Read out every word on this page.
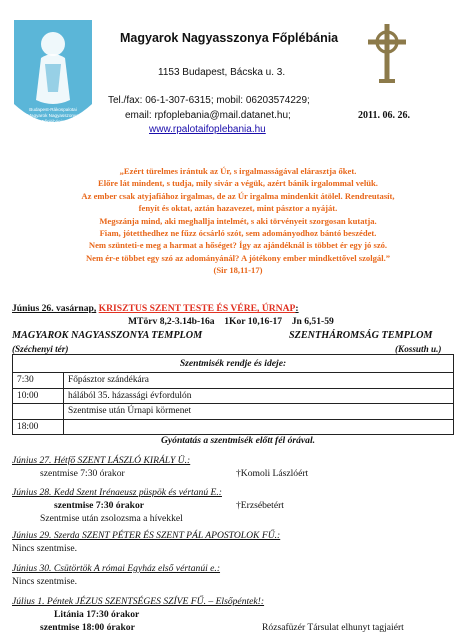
Budapest-Rákospalotai
Magyarok Nagyasszonya
Főplébánia
Magyarok Nagyasszonya Főplébánia
1153 Budapest, Bácska u. 3.
Tel./fax: 06-1-307-6315; mobil: 06203574229;
email: rpfoplebania@mail.datanet.hu;
www.rpalotaifoplebania.hu
2011. 06. 26.
„Ezért türelmes irántuk az Úr, s irgalmasságával elárasztja őket.
Előre lát mindent, s tudja, mily sivár a végük, azért bánik irgalommal velük.
Az ember csak atyjafiához irgalmas, de az Úr irgalma mindenkit átölel. Rendreutasít,
fenyít és oktat, aztán hazavezet, mint pásztor a nyáját.
Megszánja mind, aki meghallja intelmét, s aki törvényeit szorgosan kutatja.
Fiam, jótetthedhez ne fűzz ócsárló szót, sem adományodhoz bántó beszédet.
Nem szünteti-e meg a harmat a hőséget? Így az ajándéknál is többet ér egy jó szó.
Nem ér-e többet egy szó az adományánál? A jótékony ember mindkettővel szolgál.”
(Sir 18,11-17)
Június 26. vasárnap, KRISZTUS SZENT TESTE ÉS VÉRE, ÚRNAP:
MTörv 8,2-3.14b-16a    1Kor 10,16-17    Jn 6,51-59
MAGYAROK NAGYASSZONYA TEMPLOM	SZENTHÁROMSÁG TEMPLOM
(Széchenyi tér)	(Kossuth u.)
Szentmisék rendje és ideje:	
7:30	Főpásztor szándékára
10:00	hálából 35. házassági évfordulón
	Szentmise után Úrnapi körmenet
18:00	
Gyóntatás a szentmisék előtt fél órával.
Június 27. Hétfő SZENT LÁSZLÓ KIRÁLY Ü.:
szentmise 7:30 órakor	†Komoli Lászlóért
Június 28. Kedd Szent Irénaeusz püspök és vértanú E.:
szentmise 7:30 órakor	†Erzsébetért
Szentmise után zsolozsma a hívekkel
Június 29. Szerda SZENT PÉTER ÉS SZENT PÁL APOSTOLOK FŰ.:
Nincs szentmise.
Június 30. Csütörtök A római Egyház első vértanúi e.:
Nincs szentmise.
Július 1. Péntek JÉZUS SZENTSÉGES SZÍVE FŰ. – Elsőpéntek!:
Litánia 17:30 órakor
szentmise 18:00 órakor	Rózsafüzér Társulat elhunyt tagjaiért
